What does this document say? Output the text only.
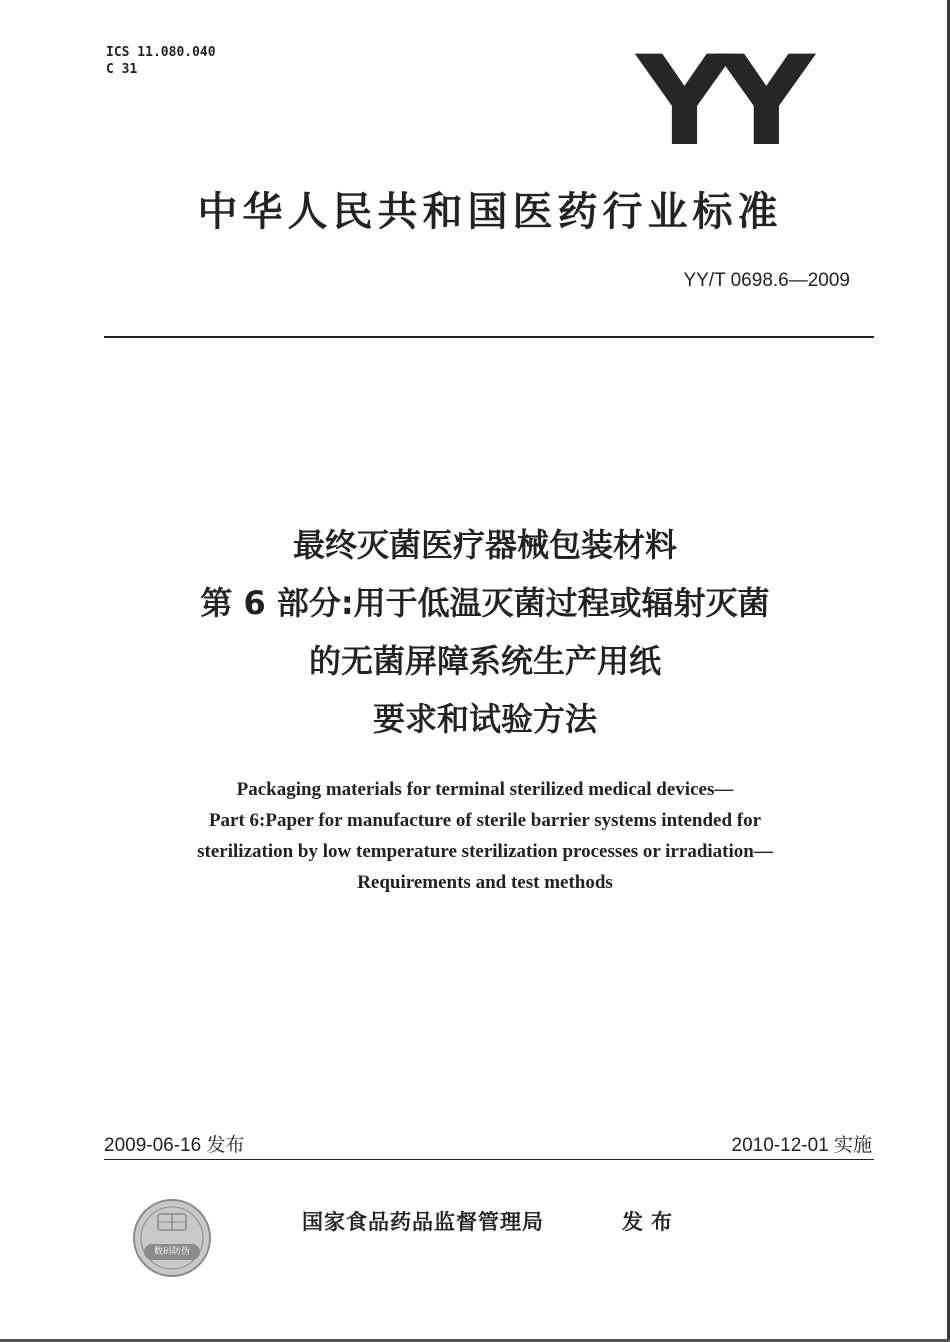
ICS 11.080.040
C 31	YY
中华人民共和国医药行业标准
YY/T 0698.6—2009
最终灭菌医疗器械包装材料
第 6 部分:用于低温灭菌过程或辐射灭菌
的无菌屏障系统生产用纸
要求和试验方法
Packaging materials for terminal sterilized medical devices—
Part 6:Paper for manufacture of sterile barrier systems intended for
sterilization by low temperature sterilization processes or irradiation—
Requirements and test methods
2009-06-16 发布	2010-12-01 实施
数码防伪
国家食品药品监督管理局	发布
